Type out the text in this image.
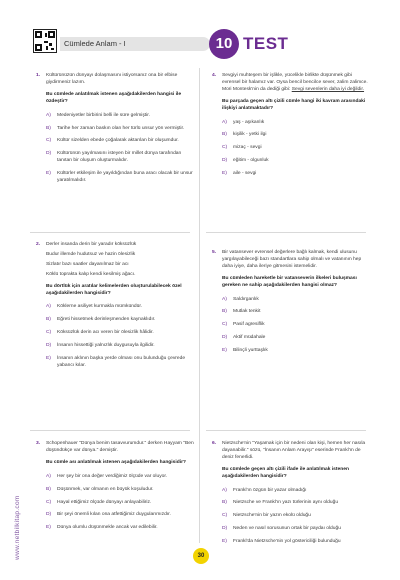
Cümlede Anlam - I	10 TEST
www.netbilkitap.com
1. Kültürünüzün dünyayı dolaşmasını istiyorsanız ona bir elbise giydirmeniz lazım.

Bu cümlede anlatılmak istenen aşağıdakilerden hangisi ile özdeştir?

A) Medeniyetler birbirini belli ile süre gelmiştir.
B) Tarihe her zaman baskın olan her türlü unsur yön vermiştir.
C) Kültür sizelden ebede çoğalarak aktarılan bir oluşumdur.
D) Kültürünün yayılmasını isteyen bir millet dünya tarafından tanıtan bir oluşum oluşturmalıdır.
E) Kültürler etkileşim ile yayıldığından buna aracı olacak bir unsur yaratılmalıdır.
2. Derler insanda derin bir yaradır köksüzlük

Budur illemde hudutsuz ve hazin ölesizlik

Sizlatır bazı saatler dayanılmaz bir acı

Köklü toprakta kalıp kendi kesilmiş ağacı.

Bu dörtlük için aratılar kelimelerden oluşturulabilecek özel aşağıdakilerden hangisidir?

A) Köklerne asiliyet kurmakla mümkündür.
B) Eğreti hissetmek derinleşmenden kaynaklıdır.
C) Köksüzlük derin acı veren bir ölesizlik hâlidir.
D) İnsanın hissettiği yalnızlık duygusuyla ilgilidir.
E) İnsanın aklının başka yerde olması onu bulunduğu çevrede yabancı kılar.
3. Schopenhauer "Dünya benim tasavvurumdur." derken Hayyam "Ben düşündükçe var dünya." demiştir.

Bu cümle ası anlatılmak istenen aşağıdakilerden hangisidir?

A) Her şey bir ona değer verdiğimiz ölçüde var oluyor.
B) Düşünmek, var olmanın en büyük koşuludur.
C) Hayal ettiğimiz ölçüde dünyayı anlayabiliriz.
D) Bir şeyi önemli kılan ona atfettiğimiz duygularımızdır.
E) Dünya olumlu düşünmekle ancak var edilebilir.
4. Sevgiyi muhteşem bir işlikle, yücelikle birlikte düşünmek gibi evrensel bir halamız var. Oysa bencil bencilce sever, zalim zalimce. Mori Montesk'nin da dediği gibi: Sevgi sevenlerin daha iyi değildir.

Bu parçada geçen altı çizili cümle hangi iki kavram arasındaki ilişkiyi anlatmaktadır?

A) yaş - aşıkanlık
B) kişilik - yetki ilgi
C) mizaç - sevgi
D) eğitim - olgunluk
E) aile - sevgi
5. Bir vatansever evrensel değerlere bağlı kalmak, kendi ulusunu yargılayabileceği bazı standartlara sahip olmalı ve vatanının hep daha iyiye, daha ileriye gitmesini istemelidir.

Bu cümleden hareketle bir vatanseverin ilkeleri buluşması gereken ne sahip aşağıdakilerden hangisi olmaz?

A) Saldırganlık
B) Mutlak tenkit
C) Pasif agresiflik
D) Aktif müdahale
E) Bilinçli yurttaşlık
6. Nietzsche'nin "Yaşamak için bir nedeni olan kişi, hemen her nasıla dayanabilir." sözü, "İnsanın Anlam Arayışı" eserinde Frankl'ın de deniz fenerlidi.

Bu cümlede geçen altı çizili ifade ile anlatılmak istenen aşağıdakilerden hangisidir?

A) Frankl'ın özgün bir yazar olmadığı
B) Nietzsche ve Frankl'ın yazı türlerinin aynı olduğu
C) Nietzsche'nin bir yazın ekolü olduğu
D) Neden ve nasıl sorusunun ortak bir paydaı olduğu
E) Frankl'da Nietzsche'nin yol göstericiliği bulunduğu
30
